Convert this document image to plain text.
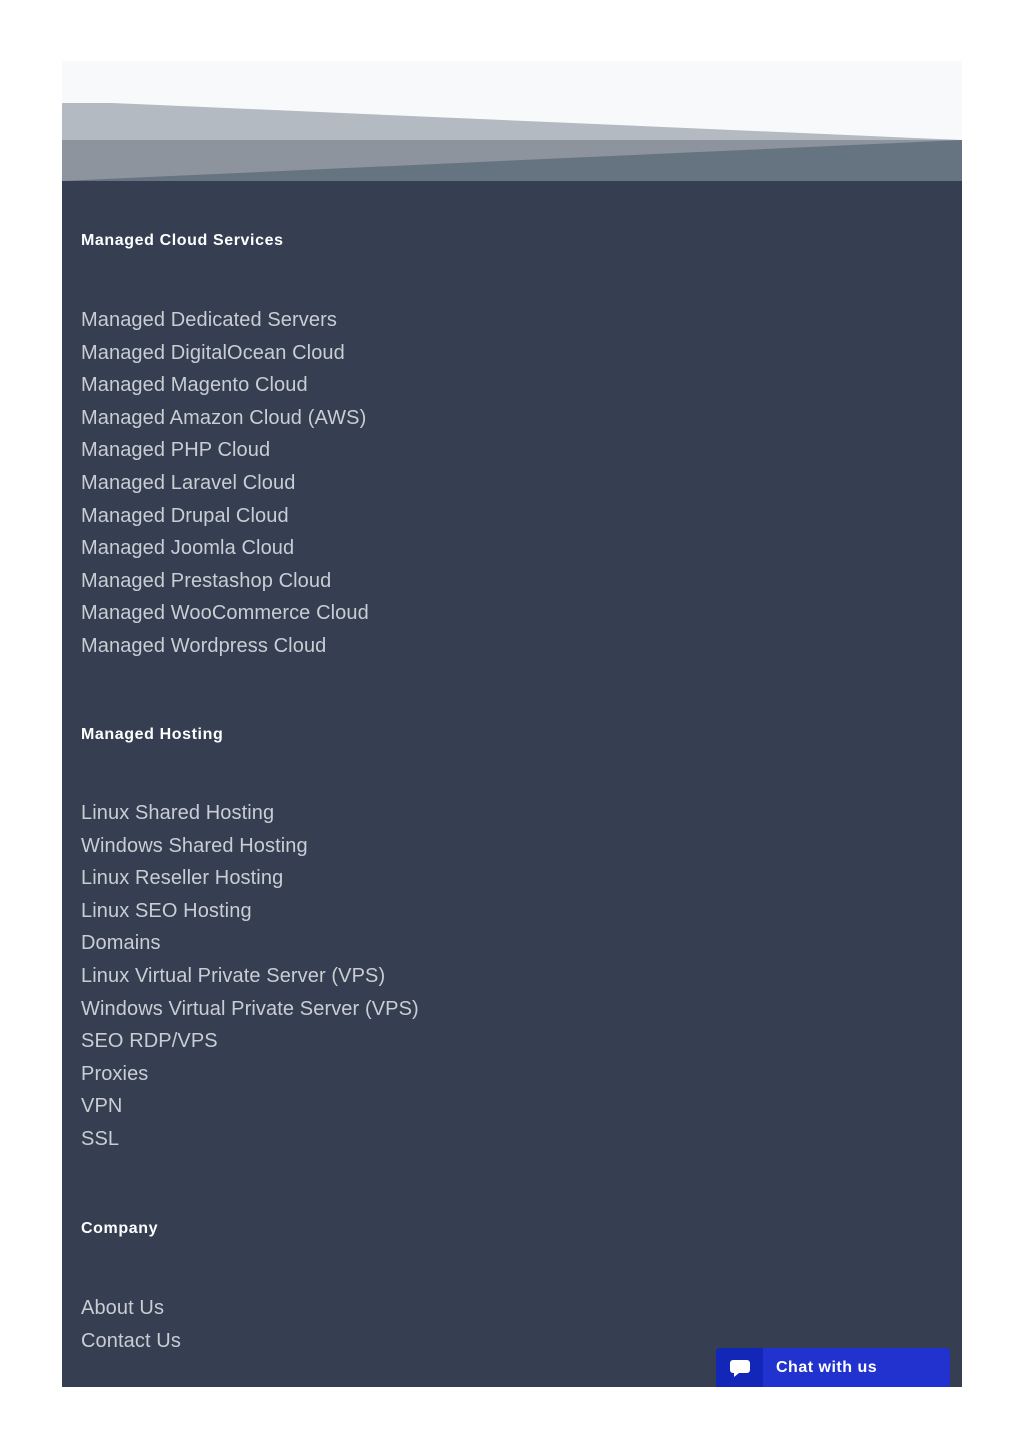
Managed Cloud Services
Managed Dedicated Servers
Managed DigitalOcean Cloud
Managed Magento Cloud
Managed Amazon Cloud (AWS)
Managed PHP Cloud
Managed Laravel Cloud
Managed Drupal Cloud
Managed Joomla Cloud
Managed Prestashop Cloud
Managed WooCommerce Cloud
Managed Wordpress Cloud
Managed Hosting
Linux Shared Hosting
Windows Shared Hosting
Linux Reseller Hosting
Linux SEO Hosting
Domains
Linux Virtual Private Server (VPS)
Windows Virtual Private Server (VPS)
SEO RDP/VPS
Proxies
VPN
SSL
Company
About Us
Contact Us
Chat with us
